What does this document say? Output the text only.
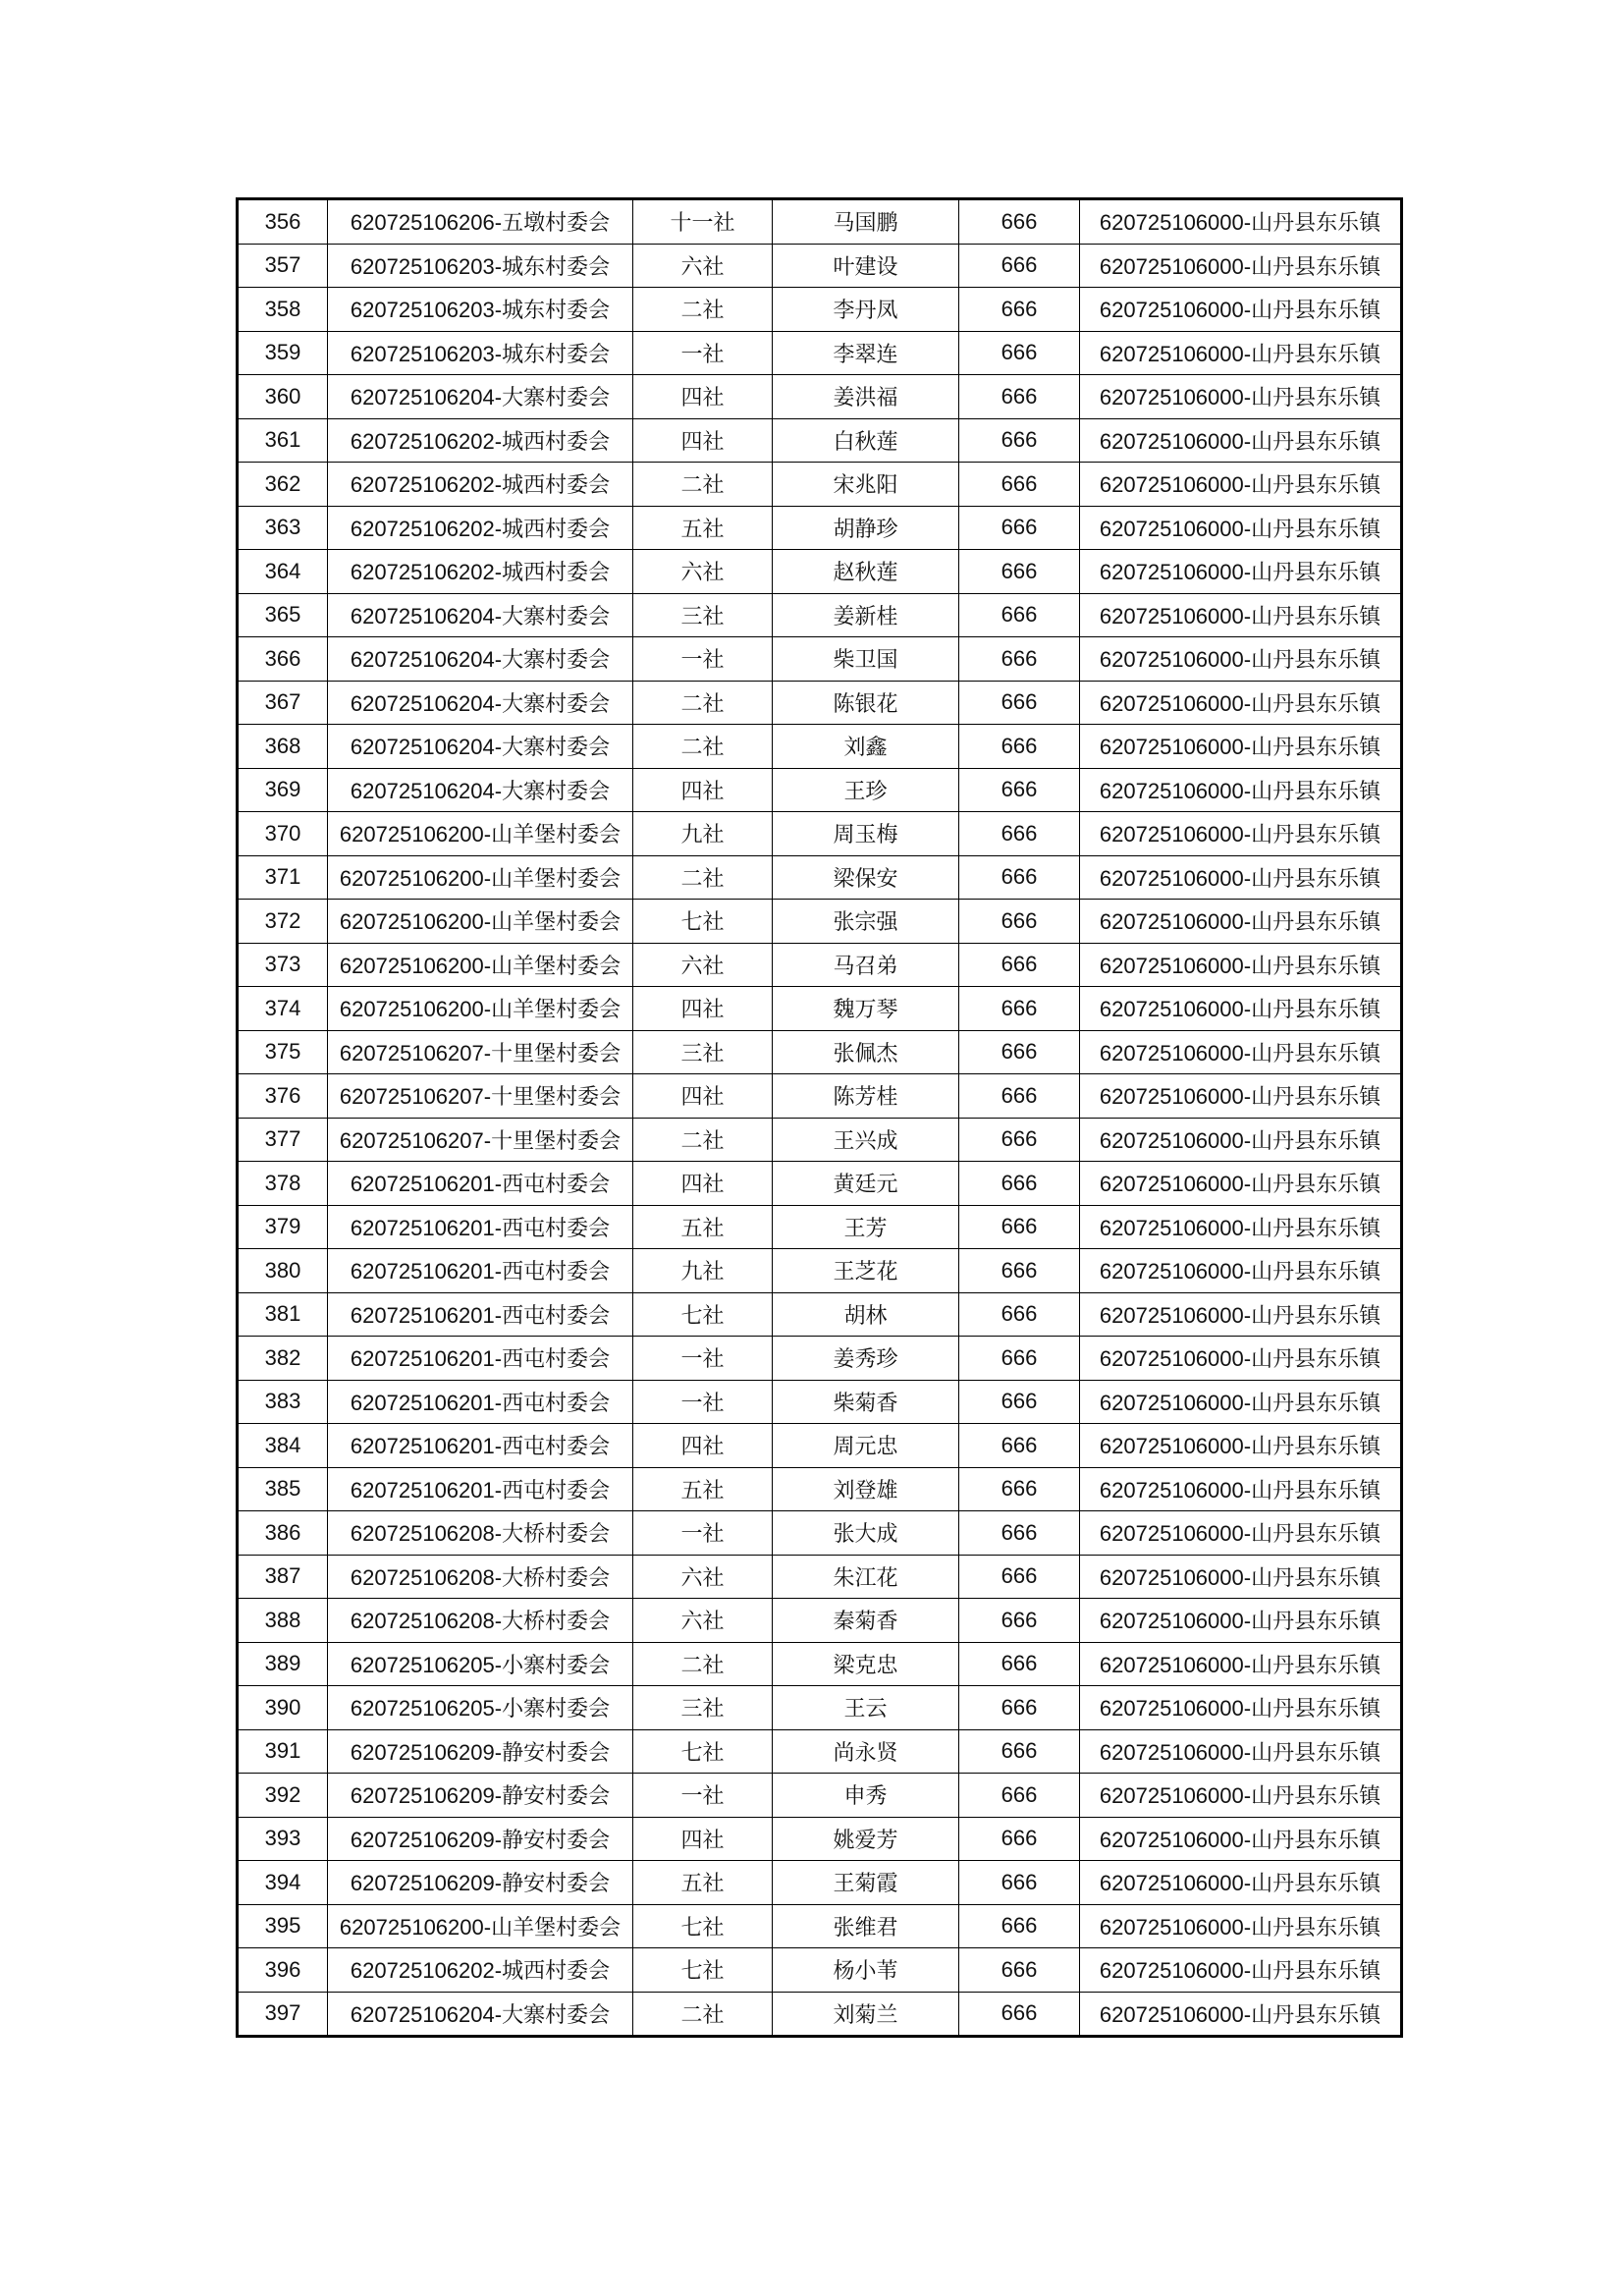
356	620725106206-五墩村委会	十一社	马国鹏	666	620725106000-山丹县东乐镇
357	620725106203-城东村委会	六社	叶建设	666	620725106000-山丹县东乐镇
358	620725106203-城东村委会	二社	李丹凤	666	620725106000-山丹县东乐镇
359	620725106203-城东村委会	一社	李翠连	666	620725106000-山丹县东乐镇
360	620725106204-大寨村委会	四社	姜洪福	666	620725106000-山丹县东乐镇
361	620725106202-城西村委会	四社	白秋莲	666	620725106000-山丹县东乐镇
362	620725106202-城西村委会	二社	宋兆阳	666	620725106000-山丹县东乐镇
363	620725106202-城西村委会	五社	胡静珍	666	620725106000-山丹县东乐镇
364	620725106202-城西村委会	六社	赵秋莲	666	620725106000-山丹县东乐镇
365	620725106204-大寨村委会	三社	姜新桂	666	620725106000-山丹县东乐镇
366	620725106204-大寨村委会	一社	柴卫国	666	620725106000-山丹县东乐镇
367	620725106204-大寨村委会	二社	陈银花	666	620725106000-山丹县东乐镇
368	620725106204-大寨村委会	二社	刘鑫	666	620725106000-山丹县东乐镇
369	620725106204-大寨村委会	四社	王珍	666	620725106000-山丹县东乐镇
370	620725106200-山羊堡村委会	九社	周玉梅	666	620725106000-山丹县东乐镇
371	620725106200-山羊堡村委会	二社	梁保安	666	620725106000-山丹县东乐镇
372	620725106200-山羊堡村委会	七社	张宗强	666	620725106000-山丹县东乐镇
373	620725106200-山羊堡村委会	六社	马召弟	666	620725106000-山丹县东乐镇
374	620725106200-山羊堡村委会	四社	魏万琴	666	620725106000-山丹县东乐镇
375	620725106207-十里堡村委会	三社	张佩杰	666	620725106000-山丹县东乐镇
376	620725106207-十里堡村委会	四社	陈芳桂	666	620725106000-山丹县东乐镇
377	620725106207-十里堡村委会	二社	王兴成	666	620725106000-山丹县东乐镇
378	620725106201-西屯村委会	四社	黄廷元	666	620725106000-山丹县东乐镇
379	620725106201-西屯村委会	五社	王芳	666	620725106000-山丹县东乐镇
380	620725106201-西屯村委会	九社	王芝花	666	620725106000-山丹县东乐镇
381	620725106201-西屯村委会	七社	胡林	666	620725106000-山丹县东乐镇
382	620725106201-西屯村委会	一社	姜秀珍	666	620725106000-山丹县东乐镇
383	620725106201-西屯村委会	一社	柴菊香	666	620725106000-山丹县东乐镇
384	620725106201-西屯村委会	四社	周元忠	666	620725106000-山丹县东乐镇
385	620725106201-西屯村委会	五社	刘登雄	666	620725106000-山丹县东乐镇
386	620725106208-大桥村委会	一社	张大成	666	620725106000-山丹县东乐镇
387	620725106208-大桥村委会	六社	朱江花	666	620725106000-山丹县东乐镇
388	620725106208-大桥村委会	六社	秦菊香	666	620725106000-山丹县东乐镇
389	620725106205-小寨村委会	二社	梁克忠	666	620725106000-山丹县东乐镇
390	620725106205-小寨村委会	三社	王云	666	620725106000-山丹县东乐镇
391	620725106209-静安村委会	七社	尚永贤	666	620725106000-山丹县东乐镇
392	620725106209-静安村委会	一社	申秀	666	620725106000-山丹县东乐镇
393	620725106209-静安村委会	四社	姚爱芳	666	620725106000-山丹县东乐镇
394	620725106209-静安村委会	五社	王菊霞	666	620725106000-山丹县东乐镇
395	620725106200-山羊堡村委会	七社	张维君	666	620725106000-山丹县东乐镇
396	620725106202-城西村委会	七社	杨小苇	666	620725106000-山丹县东乐镇
397	620725106204-大寨村委会	二社	刘菊兰	666	620725106000-山丹县东乐镇
